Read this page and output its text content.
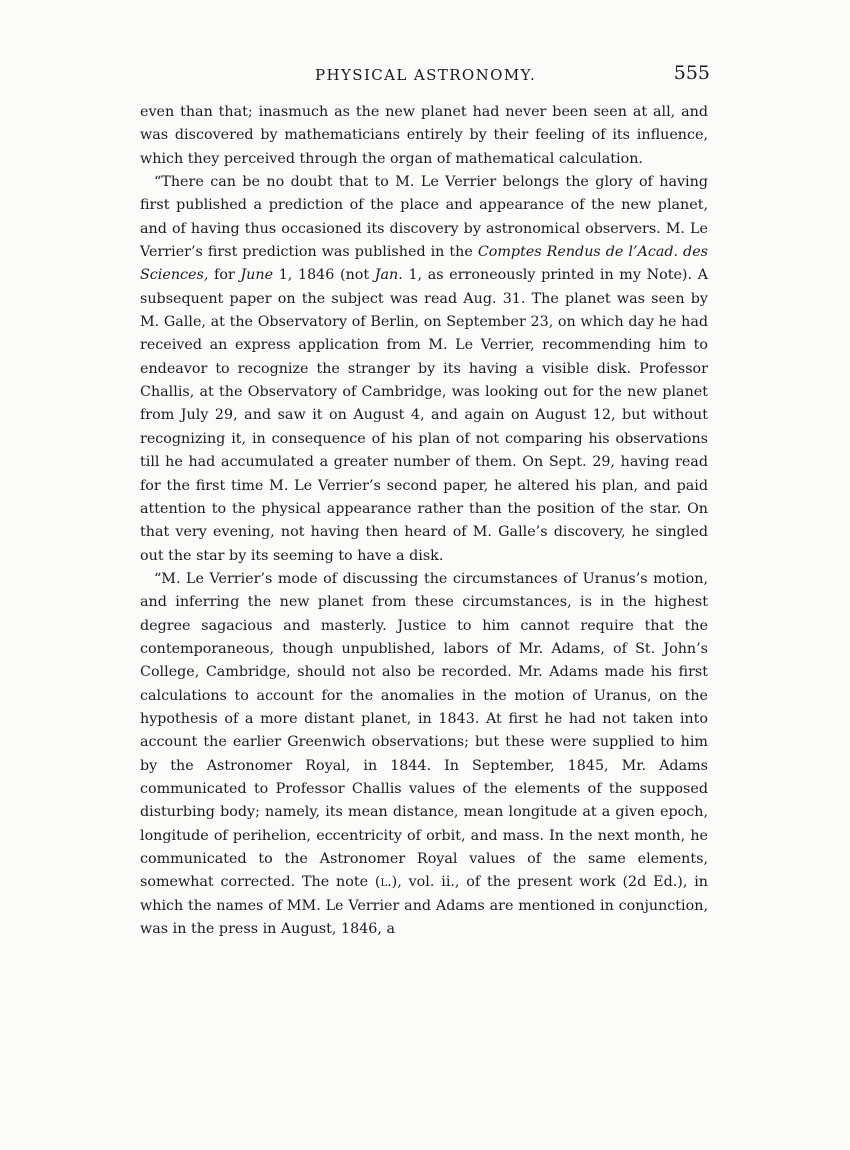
PHYSICAL ASTRONOMY.	555

even than that; inasmuch as the new planet had never been seen at all, and was discovered by mathematicians entirely by their feeling of its influence, which they perceived through the organ of mathematical calculation.

“There can be no doubt that to M. Le Verrier belongs the glory of having first published a prediction of the place and appearance of the new planet, and of having thus occasioned its discovery by astronomical observers. M. Le Verrier’s first prediction was published in the Comptes Rendus de l’Acad. des Sciences, for June 1, 1846 (not Jan. 1, as erroneously printed in my Note). A subsequent paper on the subject was read Aug. 31. The planet was seen by M. Galle, at the Observatory of Berlin, on September 23, on which day he had received an express application from M. Le Verrier, recommending him to endeavor to recognize the stranger by its having a visible disk. Professor Challis, at the Observatory of Cambridge, was looking out for the new planet from July 29, and saw it on August 4, and again on August 12, but without recognizing it, in consequence of his plan of not comparing his observations till he had accumulated a greater number of them. On Sept. 29, having read for the first time M. Le Verrier’s second paper, he altered his plan, and paid attention to the physical appearance rather than the position of the star. On that very evening, not having then heard of M. Galle’s discovery, he singled out the star by its seeming to have a disk.

“M. Le Verrier’s mode of discussing the circumstances of Uranus’s motion, and inferring the new planet from these circumstances, is in the highest degree sagacious and masterly. Justice to him cannot require that the contemporaneous, though unpublished, labors of Mr. Adams, of St. John’s College, Cambridge, should not also be recorded. Mr. Adams made his first calculations to account for the anomalies in the motion of Uranus, on the hypothesis of a more distant planet, in 1843. At first he had not taken into account the earlier Greenwich observations; but these were supplied to him by the Astronomer Royal, in 1844. In September, 1845, Mr. Adams communicated to Professor Challis values of the elements of the supposed disturbing body; namely, its mean distance, mean longitude at a given epoch, longitude of perihelion, eccentricity of orbit, and mass. In the next month, he communicated to the Astronomer Royal values of the same elements, somewhat corrected. The note (l.), vol. ii., of the present work (2d Ed.), in which the names of MM. Le Verrier and Adams are mentioned in conjunction, was in the press in August, 1846, a
